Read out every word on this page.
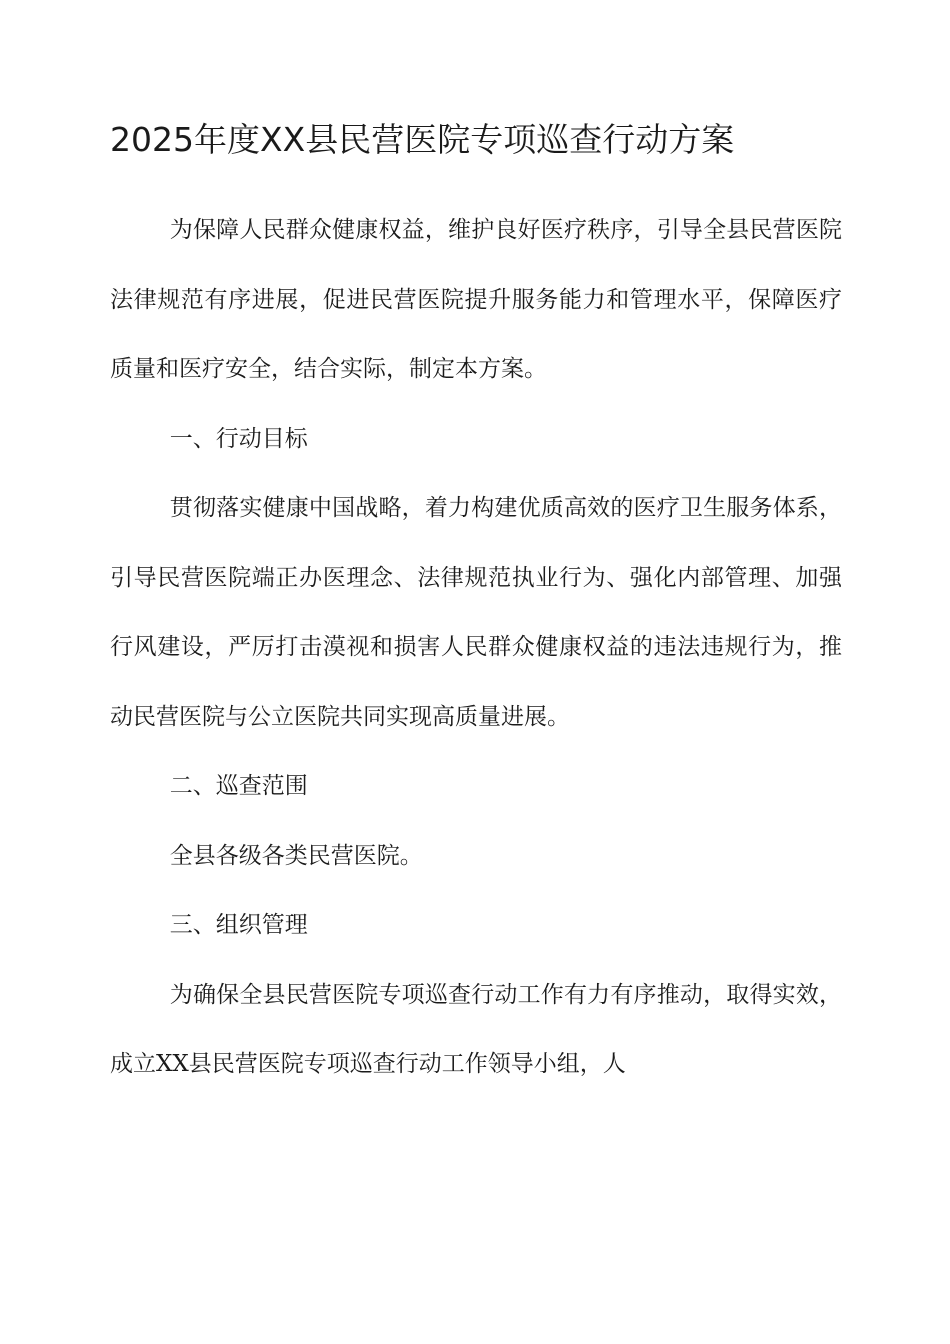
2025年度XX县民营医院专项巡查行动方案

为保障人民群众健康权益，维护良好医疗秩序，引导全县民营医院法律规范有序进展，促进民营医院提升服务能力和管理水平，保障医疗质量和医疗安全，结合实际，制定本方案。

一、行动目标

贯彻落实健康中国战略，着力构建优质高效的医疗卫生服务体系，引导民营医院端正办医理念、法律规范执业行为、强化内部管理、加强行风建设，严厉打击漠视和损害人民群众健康权益的违法违规行为，推动民营医院与公立医院共同实现高质量进展。

二、巡查范围

全县各级各类民营医院。

三、组织管理

为确保全县民营医院专项巡查行动工作有力有序推动，取得实效，成立XX县民营医院专项巡查行动工作领导小组，人
